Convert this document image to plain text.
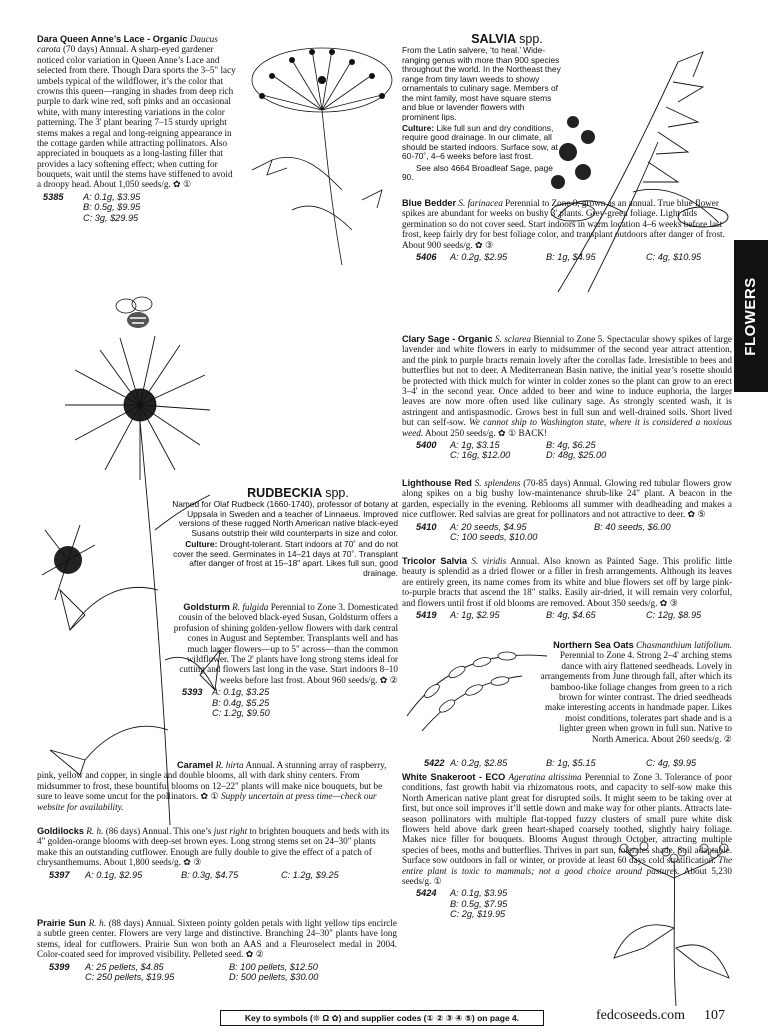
Dara Queen Anne’s Lace - Organic Daucus carota (70 days) Annual. A sharp-eyed gardener noticed color variation in Queen Anne’s Lace and selected from there. Though Dara sports the 3–5" lacy umbels typical of the wildflower, it’s the color that crowns this queen—ranging in shades from deep rich purple to dark wine red, soft pinks and an occasional white, with many interesting variations in the color patterning. The 3' plant bearing 7–15 sturdy upright stems makes a regal and long-reigning appearance in the cottage garden while attracting pollinators. Also appreciated in bouquets as a long-lasting filler that provides a lacy softening effect; when cutting for bouquets, wait until the stems have stiffened to avoid a droopy head. About 1,050 seeds/g. ✿ ①

5385	A: 0.1g, $3.95
B: 0.5g, $9.95
C: 3g, $29.95
RUDBECKIA spp.

Named for Olaf Rudbeck (1660-1740), professor of botany at Uppsala in Sweden and a teacher of Linnaeus. Improved versions of these rugged North American native black-eyed Susans outstrip their wild counterparts in size and color.

Culture: Drought-tolerant. Start indoors at 70˚ and do not cover the seed. Germinates in 14–21 days at 70˚. Transplant after danger of frost at 15–18" apart. Likes full sun, good drainage.

Goldsturm R. fulgida Perennial to Zone 3. Domesticated cousin of the beloved black-eyed Susan, Goldsturm offers a profusion of shining golden-yellow flowers with dark central cones in August and September. Transplants well and has much larger flowers—up to 5" across—than the common wildflower. The 2' plants have long strong stems ideal for cutting and flowers last long in the vase. Start indoors 8–10 weeks before last frost. About 960 seeds/g. ✿ ②

5393	A: 0.1g, $3.25
B: 0.4g, $5.25
C: 1.2g, $9.50

Caramel R. hirta Annual. A stunning array of raspberry, pink, yellow and copper, in single and double blooms, all with dark shiny centers. From midsummer to frost, these bountiful blooms on 12–22" plants will make nice bouquets, but be sure to leave some uncut for the pollinators. ✿ ① Supply uncertain at press time—check our website for availability.

Goldilocks R. h. (86 days) Annual. This one’s just right to brighten bouquets and beds with its 4" golden-orange blooms with deep-set brown eyes. Long strong stems set on 24–30" plants make this an outstanding cutflower. Enough are fully double to give the effect of a patch of chrysanthemums. About 1,800 seeds/g. ✿ ③

5397	A: 0.1g, $2.95	B: 0.3g, $4.75	C: 1.2g, $9.25

Prairie Sun R. h. (88 days) Annual. Sixteen pointy golden petals with light yellow tips encircle a subtle green center. Flowers are very large and distinctive. Branching 24–30" plants have long stems, ideal for cutflowers. Prairie Sun won both an AAS and a Fleuroselect medal in 2004. Color-coated seed for improved visibility. Pelleted seed. ✿ ②

5399	A: 25 pellets, $4.85	B: 100 pellets, $12.50
C: 250 pellets, $19.95	D: 500 pellets, $30.00
SALVIA spp.

From the Latin salvere, ‘to heal.’ Wide-ranging genus with more than 900 species throughout the world. In the Northeast they range from tiny lawn weeds to showy ornamentals to culinary sage. Members of the mint family, most have square stems and blue or lavender flowers with prominent lips.

Culture: Like full sun and dry conditions, require good drainage. In our climate, all should be started indoors. Surface sow, at 60-70˚, 4–6 weeks before last frost.

See also 4664 Broadleaf Sage, page 90.

Blue Bedder S. farinacea Perennial to Zone 8, grown as an annual. True blue flower spikes are abundant for weeks on bushy 3' plants. Grey-green foliage. Light aids germination so do not cover seed. Start indoors in warm location 4–6 weeks before last frost, keep fairly dry for best foliage color, and transplant outdoors after danger of frost. About 900 seeds/g. ✿ ③

5406	A: 0.2g, $2.95	B: 1g, $4.95	C: 4g, $10.95

Clary Sage - Organic S. sclarea Biennial to Zone 5. Spectacular showy spikes of large lavender and white flowers in early to midsummer of the second year attract attention, and the pink to purple bracts remain lovely after the corollas fade. Irresistible to bees and butterflies but not to deer. A Mediterranean Basin native, the initial year’s rosette should be protected with thick mulch for winter in colder zones so the plant can grow to an erect 3–4' in the second year. Once added to beer and wine to induce euphoria, the larger leaves are now more often used like culinary sage. As strongly scented wash, it is astringent and antispasmodic. Grows best in full sun and well-drained soils. Short lived but can self-sow. We cannot ship to Washington state, where it is considered a noxious weed. About 250 seeds/g. ✿ ① BACK!

5400	A: 1g, $3.15	B: 4g, $6.25
C: 16g, $12.00	D: 48g, $25.00

Lighthouse Red S. splendens (70-85 days) Annual. Glowing red tubular flowers grow along spikes on a big bushy low-maintenance shrub-like 24" plant. A beacon in the garden, especially in the evening. Reblooms all summer with deadheading and makes a nice cutflower. Red salvias are great for pollinators and not attractive to deer. ✿ ⑤

5410	A: 20 seeds, $4.95	B: 40 seeds, $6.00
C: 100 seeds, $10.00

Tricolor Salvia S. viridis Annual. Also known as Painted Sage. This prolific little beauty is splendid as a dried flower or a filler in fresh arrangements. Although its leaves are entirely green, its name comes from its white and blue flowers set off by large pink-to-purple bracts that ascend the 18" stalks. Easily air-dried, it will remain very colorful, and flowers until frost if old blooms are removed. About 350 seeds/g. ✿ ③

5419	A: 1g, $2.95	B: 4g, $4.65	C: 12g, $8.95

Northern Sea Oats Chasmanthium latifolium. Perennial to Zone 4. Strong 2–4' arching stems dance with airy flattened seedheads. Lovely in arrangements from June through fall, after which its bamboo-like foliage changes from green to a rich brown for winter contrast. The dried seedheads make interesting accents in handmade paper. Likes moist conditions, tolerates part shade and is a lighter green when grown in full sun. Native to North America. About 260 seeds/g. ②

5422 A: 0.2g, $2.85	B: 1g, $5.15	C: 4g, $9.95

White Snakeroot - ECO Ageratina altissima Perennial to Zone 3. Tolerance of poor conditions, fast growth habit via rhizomatous roots, and capacity to self-sow make this North American native plant great for disrupted soils. It might seem to be taking over at first, but once soil improves it’ll settle down and make way for other plants. Attracts late-season pollinators with multiple flat-topped fuzzy clusters of small pure white disk flowers held above dark green heart-shaped coarsely toothed, slightly hairy foliage. Makes nice filler for bouquets. Blooms August through October, attracting multiple species of bees, moths and butterflies. Thrives in part sun, tolerates shade. Soil adaptable. Surface sow outdoors in fall or winter, or provide at least 60 days cold stratification. The entire plant is toxic to mammals; not a good choice around pastures. About 5,230 seeds/g. ①

5424	A: 0.1g, $3.95
B: 0.5g, $7.95
C: 2g, $19.95
FLOWERS
Key to symbols (❊ Ω ✿) and supplier codes (① ② ③ ④ ⑤) on page 4.	fedcoseeds.com 107
